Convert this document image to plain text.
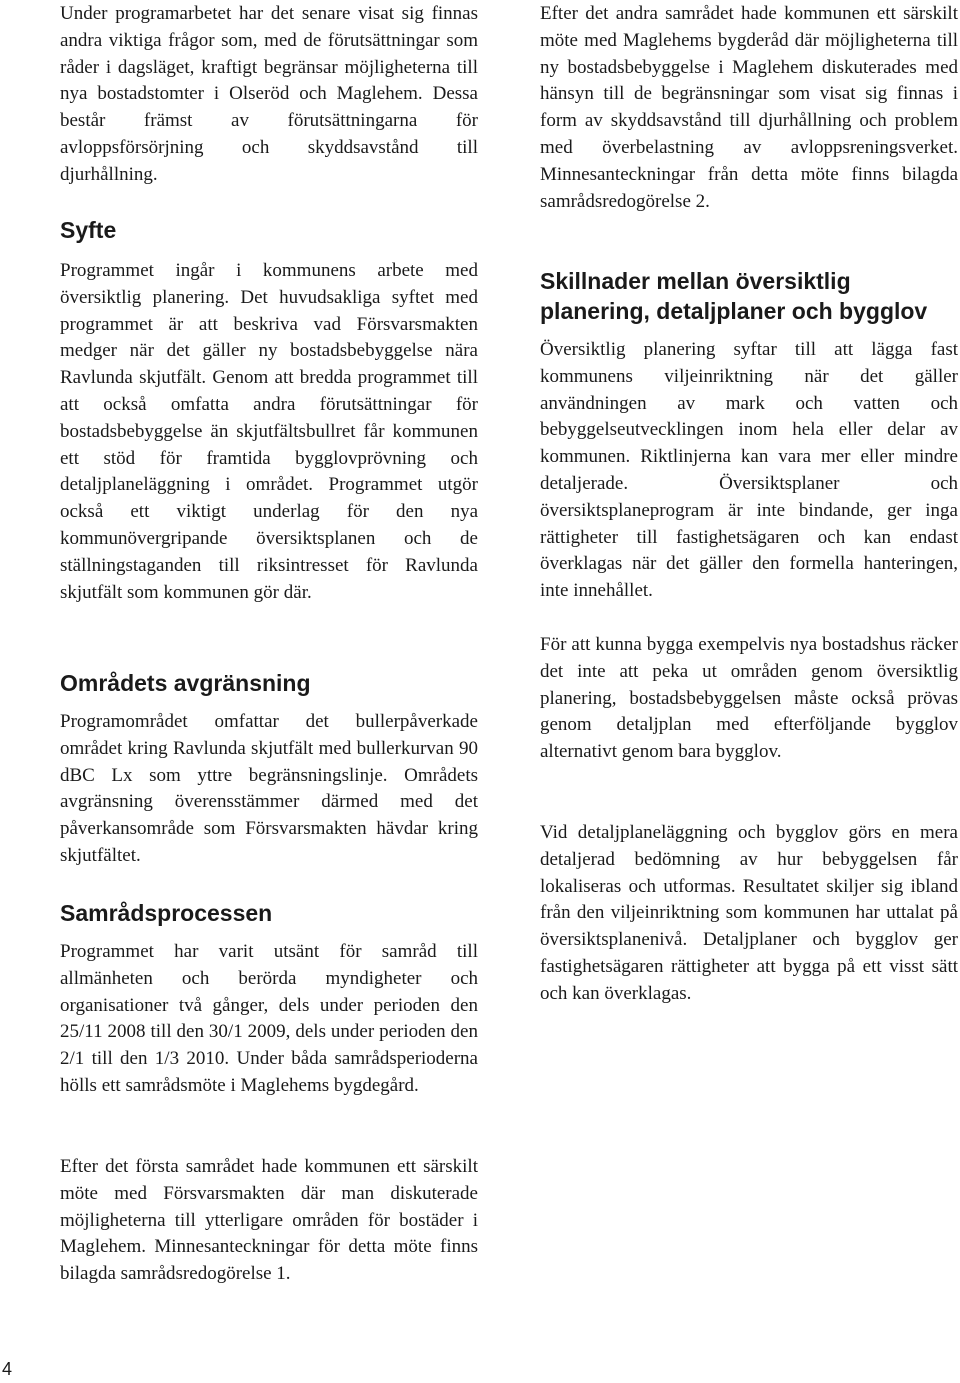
Under programarbetet har det senare visat sig finnas andra viktiga frågor som, med de förutsättningar som råder i dagsläget, kraftigt begränsar möjligheterna till nya bostadstomter i Olseröd och Maglehem. Dessa består främst av förutsättningarna för avloppsförsörjning och skyddsavstånd till djurhållning.

Syfte

Programmet ingår i kommunens arbete med översiktlig planering. Det huvudsakliga syftet med programmet är att beskriva vad Försvarsmakten medger när det gäller ny bostadsbebyggelse nära Ravlunda skjutfält. Genom att bredda programmet till att också omfatta andra förutsättningar för bostadsbebyggelse än skjutfältsbullret får kommunen ett stöd för framtida bygglovprövning och detaljplaneläggning i området. Programmet utgör också ett viktigt underlag för den nya kommunövergripande översiktsplanen och de ställningstaganden till riksintresset för Ravlunda skjutfält som kommunen gör där.

Områdets avgränsning

Programområdet omfattar det bullerpåverkade området kring Ravlunda skjutfält med bullerkurvan 90 dBC Lx som yttre begränsningslinje. Områdets avgränsning överensstämmer därmed med det påverkansområde som Försvarsmakten hävdar kring skjutfältet.

Samrådsprocessen

Programmet har varit utsänt för samråd till allmänheten och berörda myndigheter och organisationer två gånger, dels under perioden den 25/11 2008 till den 30/1 2009, dels under perioden den 2/1 till den 1/3 2010. Under båda samrådsperioderna hölls ett samrådsmöte i Maglehems bygdegård.

Efter det första samrådet hade kommunen ett särskilt möte med Försvarsmakten där man diskuterade möjligheterna till ytterligare områden för bostäder i Maglehem. Minnesanteckningar för detta möte finns bilagda samrådsredogörelse 1.

Efter det andra samrådet hade kommunen ett särskilt möte med Maglehems bygderåd där möjligheterna till ny bostadsbebyggelse i Maglehem diskuterades med hänsyn till de begränsningar som visat sig finnas i form av skyddsavstånd till djurhållning och problem med överbelastning av avloppsreningsverket. Minnesanteckningar från detta möte finns bilagda samrådsredogörelse 2.

Skillnader mellan översiktlig planering, detaljplaner och bygglov

Översiktlig planering syftar till att lägga fast kommunens viljeinriktning när det gäller användningen av mark och vatten och bebyggelseutvecklingen inom hela eller delar av kommunen. Riktlinjerna kan vara mer eller mindre detaljerade. Översiktsplaner och översiktsplaneprogram är inte bindande, ger inga rättigheter till fastighetsägaren och kan endast överklagas när det gäller den formella hanteringen, inte innehållet.

För att kunna bygga exempelvis nya bostadshus räcker det inte att peka ut områden genom översiktlig planering, bostadsbebyggelsen måste också prövas genom detaljplan med efterföljande bygglov alternativt genom bara bygglov.

Vid detaljplaneläggning och bygglov görs en mera detaljerad bedömning av hur bebyggelsen får lokaliseras och utformas. Resultatet skiljer sig ibland från den viljeinriktning som kommunen har uttalat på översiktsplanenivå. Detaljplaner och bygglov ger fastighetsägaren rättigheter att bygga på ett visst sätt och kan överklagas.

4
